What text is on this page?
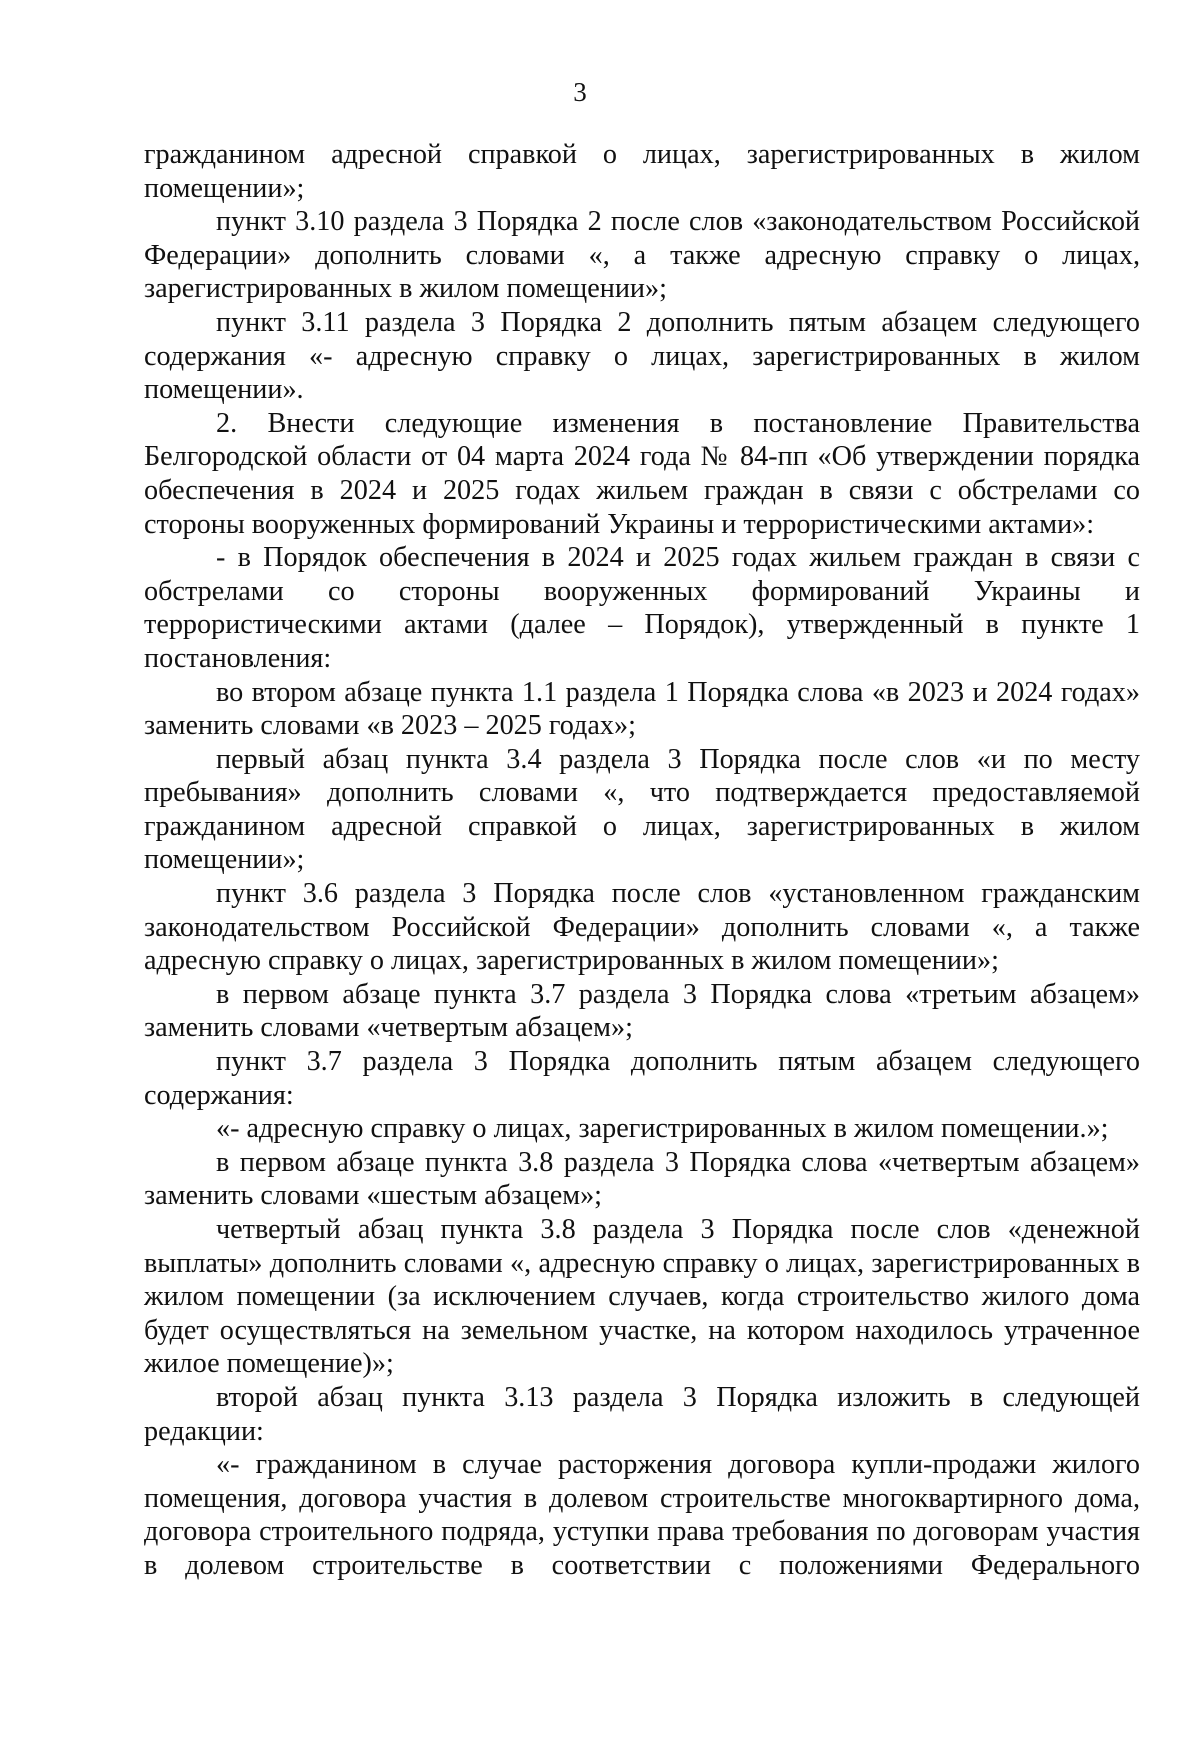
3

гражданином адресной справкой о лицах, зарегистрированных в жилом помещении»;

пункт 3.10 раздела 3 Порядка 2 после слов «законодательством Российской Федерации» дополнить словами «, а также адресную справку о лицах, зарегистрированных в жилом помещении»;

пункт 3.11 раздела 3 Порядка 2 дополнить пятым абзацем следующего содержания «- адресную справку о лицах, зарегистрированных в жилом помещении».

2. Внести следующие изменения в постановление Правительства Белгородской области от 04 марта 2024 года № 84-пп «Об утверждении порядка обеспечения в 2024 и 2025 годах жильем граждан в связи с обстрелами со стороны вооруженных формирований Украины и террористическими актами»:

- в Порядок обеспечения в 2024 и 2025 годах жильем граждан в связи с обстрелами со стороны вооруженных формирований Украины и террористическими актами (далее – Порядок), утвержденный в пункте 1 постановления:

во втором абзаце пункта 1.1 раздела 1 Порядка слова «в 2023 и 2024 годах» заменить словами «в 2023 – 2025 годах»;

первый абзац пункта 3.4 раздела 3 Порядка после слов «и по месту пребывания» дополнить словами «, что подтверждается предоставляемой гражданином адресной справкой о лицах, зарегистрированных в жилом помещении»;

пункт 3.6 раздела 3 Порядка после слов «установленном гражданским законодательством Российской Федерации» дополнить словами «, а также адресную справку о лицах, зарегистрированных в жилом помещении»;

в первом абзаце пункта 3.7 раздела 3 Порядка слова «третьим абзацем» заменить словами «четвертым абзацем»;

пункт 3.7 раздела 3 Порядка дополнить пятым абзацем следующего содержания:

«- адресную справку о лицах, зарегистрированных в жилом помещении.»;

в первом абзаце пункта 3.8 раздела 3 Порядка слова «четвертым абзацем» заменить словами «шестым абзацем»;

четвертый абзац пункта 3.8 раздела 3 Порядка после слов «денежной выплаты» дополнить словами «, адресную справку о лицах, зарегистрированных в жилом помещении (за исключением случаев, когда строительство жилого дома будет осуществляться на земельном участке, на котором находилось утраченное жилое помещение)»;

второй абзац пункта 3.13 раздела 3 Порядка изложить в следующей редакции:

«- гражданином в случае расторжения договора купли-продажи жилого помещения, договора участия в долевом строительстве многоквартирного дома, договора строительного подряда, уступки права требования по договорам участия в долевом строительстве в соответствии с положениями Федерального
